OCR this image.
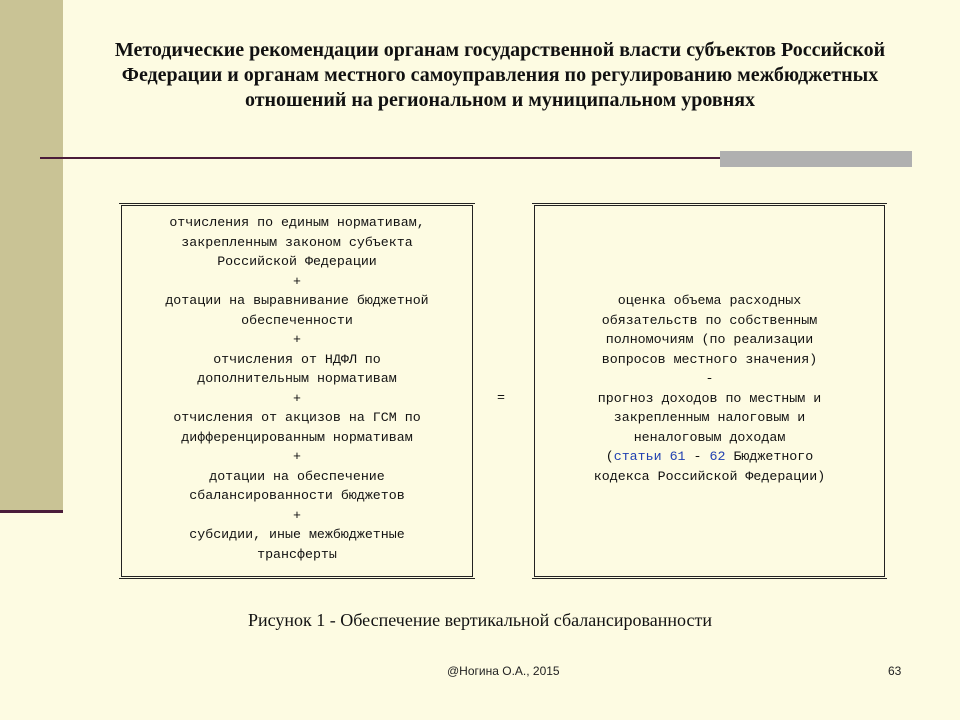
Методические рекомендации органам государственной власти субъектов Российской Федерации и органам местного самоуправления по регулированию межбюджетных отношений на региональном и муниципальном уровнях
отчисления по единым нормативам,
закрепленным законом субъекта
Российской Федерации
+
дотации на выравнивание бюджетной
обеспеченности
+
отчисления от НДФЛ по
дополнительным нормативам
+
отчисления от акцизов на ГСМ по
дифференцированным нормативам
+
дотации на обеспечение
сбалансированности бюджетов
+
субсидии, иные межбюджетные
трансферты
=
оценка объема расходных
обязательств по собственным
полномочиям (по реализации
вопросов местного значения)
-
прогноз доходов по местным и
закрепленным налоговым и
неналоговым доходам
(статьи 61 - 62 Бюджетного
кодекса Российской Федерации)
Рисунок 1 - Обеспечение вертикальной сбалансированности
@Ногина О.А., 2015	63
